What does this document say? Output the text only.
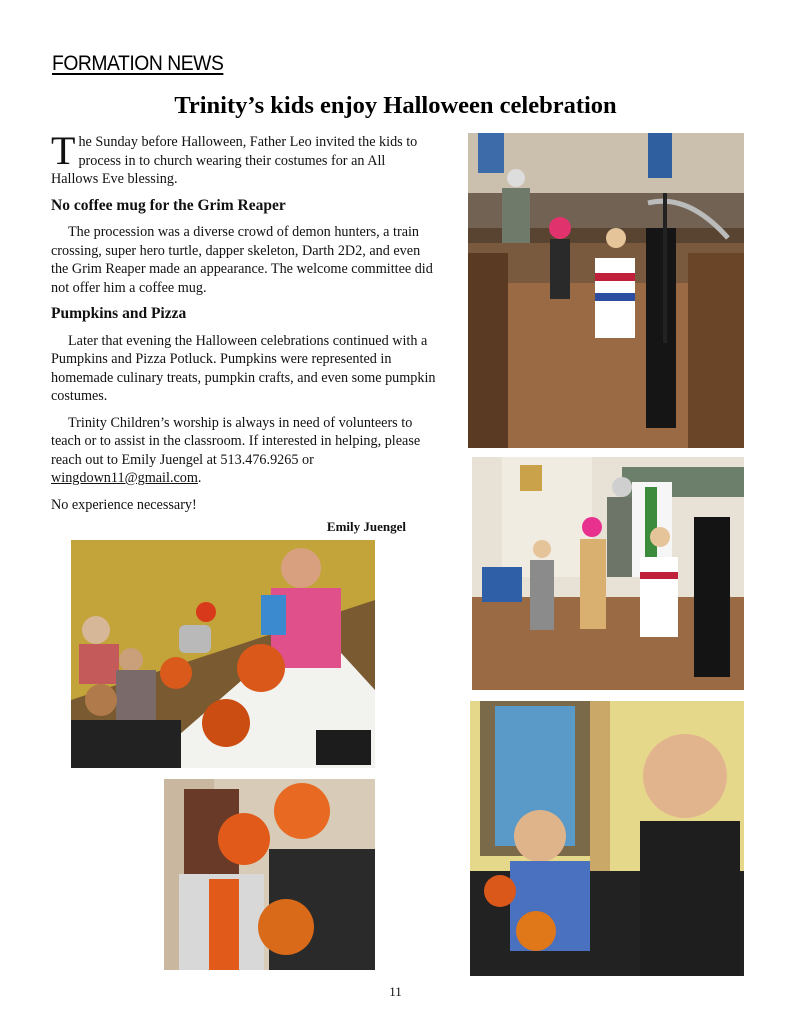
FORMATION NEWS
Trinity’s kids enjoy Halloween celebration

The Sunday before Halloween, Father Leo invited the kids to process in to church wearing their costumes for an All Hallows Eve blessing.

No coffee mug for the Grim Reaper

The procession was a diverse crowd of demon hunters, a train crossing, super hero turtle, dapper skeleton, Darth 2D2, and even the Grim Reaper made an appearance. The welcome committee did not offer him a coffee mug.

Pumpkins and Pizza

Later that evening the Halloween celebrations continued with a Pumpkins and Pizza Potluck. Pumpkins were represented in homemade culinary treats, pumpkin crafts, and even some pumpkin costumes.

Trinity Children’s worship is always in need of volunteers to teach or to assist in the classroom. If interested in helping, please reach out to Emily Juengel at 513.476.9265 or wingdown11@gmail.com.

No experience necessary!

Emily Juengel
11
